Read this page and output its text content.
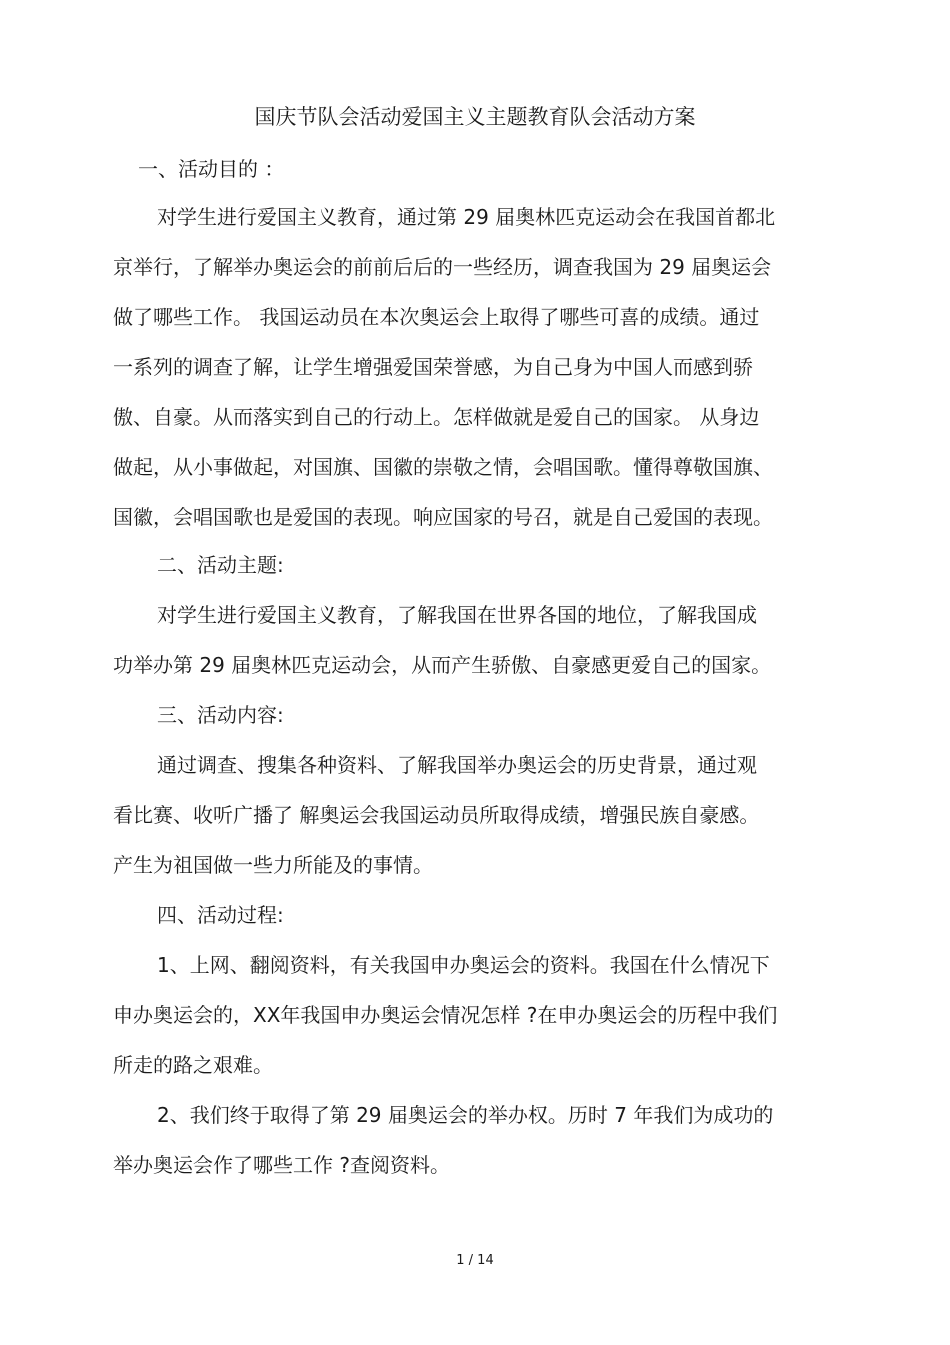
国庆节队会活动爱国主义主题教育队会活动方案
一、活动目的 ：
对学生进行爱国主义教育，通过第 29 届奥林匹克运动会在我国首都北
京举行，了解举办奥运会的前前后后的一些经历，调查我国为 29 届奥运会
做了哪些工作。 我国运动员在本次奥运会上取得了哪些可喜的成绩。通过
一系列的调查了解，让学生增强爱国荣誉感，为自己身为中国人而感到骄
傲、自豪。从而落实到自己的行动上。怎样做就是爱自己的国家。 从身边
做起，从小事做起，对国旗、国徽的崇敬之情，会唱国歌。懂得尊敬国旗、
国徽，会唱国歌也是爱国的表现。响应国家的号召，就是自己爱国的表现。
二、活动主题:
对学生进行爱国主义教育，了解我国在世界各国的地位，了解我国成
功举办第 29 届奥林匹克运动会，从而产生骄傲、自豪感更爱自己的国家。
三、活动内容:
通过调查、搜集各种资料、了解我国举办奥运会的历史背景，通过观
看比赛、收听广播了 解奥运会我国运动员所取得成绩，增强民族自豪感。
产生为祖国做一些力所能及的事情。
四、活动过程:
1、上网、翻阅资料，有关我国申办奥运会的资料。我国在什么情况下
申办奥运会的，XX年我国申办奥运会情况怎样 ?在申办奥运会的历程中我们
所走的路之艰难。
2、我们终于取得了第 29 届奥运会的举办权。历时 7 年我们为成功的
举办奥运会作了哪些工作 ?查阅资料。
1 / 14
